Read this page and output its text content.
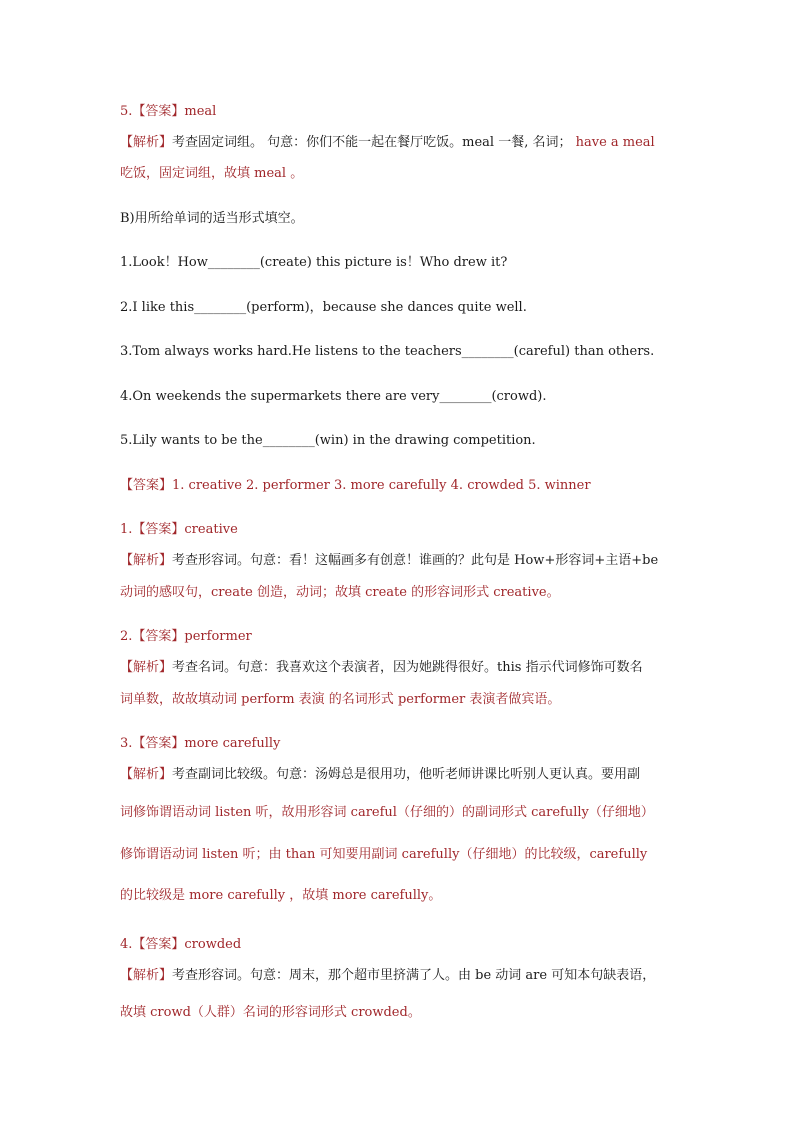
5.【答案】meal
【解析】考查固定词组。 句意：你们不能一起在餐厅吃饭。meal 一餐, 名词； have a meal
吃饭，固定词组，故填 meal 。
B)用所给单词的适当形式填空。
1.Look！How________(create) this picture is！Who drew it?
2.I like this________(perform)，because she dances quite well.
3.Tom always works hard.He listens to the teachers________(careful) than others.
4.On weekends the supermarkets there are very________(crowd).
5.Lily wants to be the________(win) in the drawing competition.
【答案】1. creative 2. performer 3. more carefully 4. crowded 5. winner
1.【答案】creative
【解析】考查形容词。句意：看！这幅画多有创意！谁画的？此句是 How+形容词+主语+be
动词的感叹句，create 创造，动词；故填 create 的形容词形式 creative。
2.【答案】performer
【解析】考查名词。句意：我喜欢这个表演者，因为她跳得很好。this 指示代词修饰可数名
词单数，故故填动词 perform 表演 的名词形式 performer 表演者做宾语。
3.【答案】more carefully
【解析】考查副词比较级。句意：汤姆总是很用功，他听老师讲课比听别人更认真。要用副
词修饰谓语动词 listen 听，故用形容词 careful（仔细的）的副词形式 carefully（仔细地）
修饰谓语动词 listen 听；由 than 可知要用副词 carefully（仔细地）的比较级，carefully
的比较级是 more carefully ，故填 more carefully。
4.【答案】crowded
【解析】考查形容词。句意：周末，那个超市里挤满了人。由 be 动词 are 可知本句缺表语，
故填 crowd（人群）名词的形容词形式 crowded。
